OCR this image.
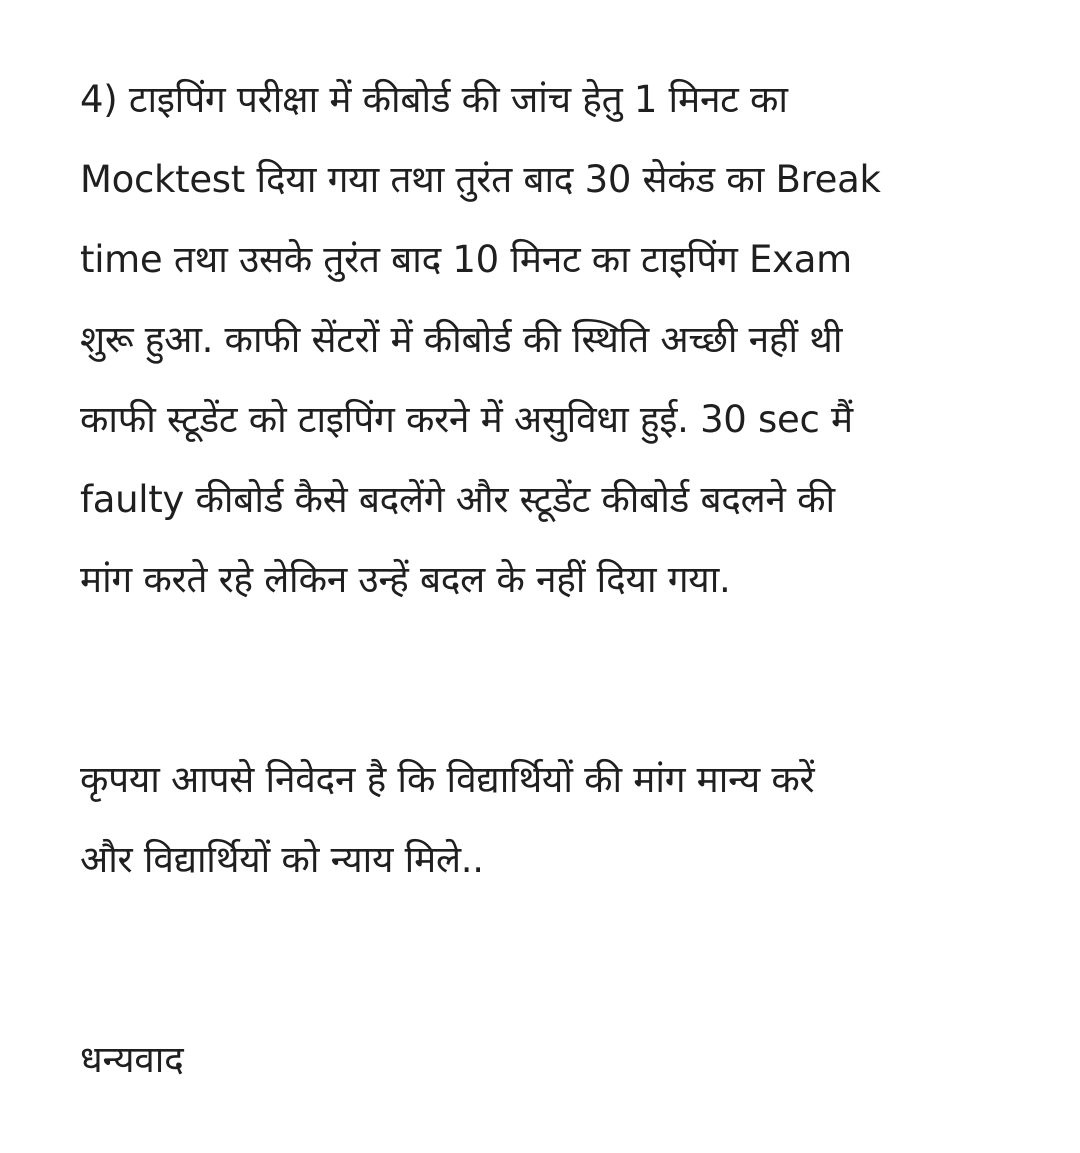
4) टाइपिंग परीक्षा में कीबोर्ड की जांच हेतु 1 मिनट का
Mocktest दिया गया तथा तुरंत बाद 30 सेकंड का Break
time तथा उसके तुरंत बाद 10 मिनट का टाइपिंग Exam
शुरू हुआ. काफी सेंटरों में कीबोर्ड की स्थिति अच्छी नहीं थी
काफी स्टूडेंट को टाइपिंग करने में असुविधा हुई. 30 sec मैं
faulty कीबोर्ड कैसे बदलेंगे और स्टूडेंट कीबोर्ड बदलने की
मांग करते रहे लेकिन उन्हें बदल के नहीं दिया गया.
कृपया आपसे निवेदन है कि विद्यार्थियों की मांग मान्य करें
और विद्यार्थियों को न्याय मिले..
धन्यवाद
